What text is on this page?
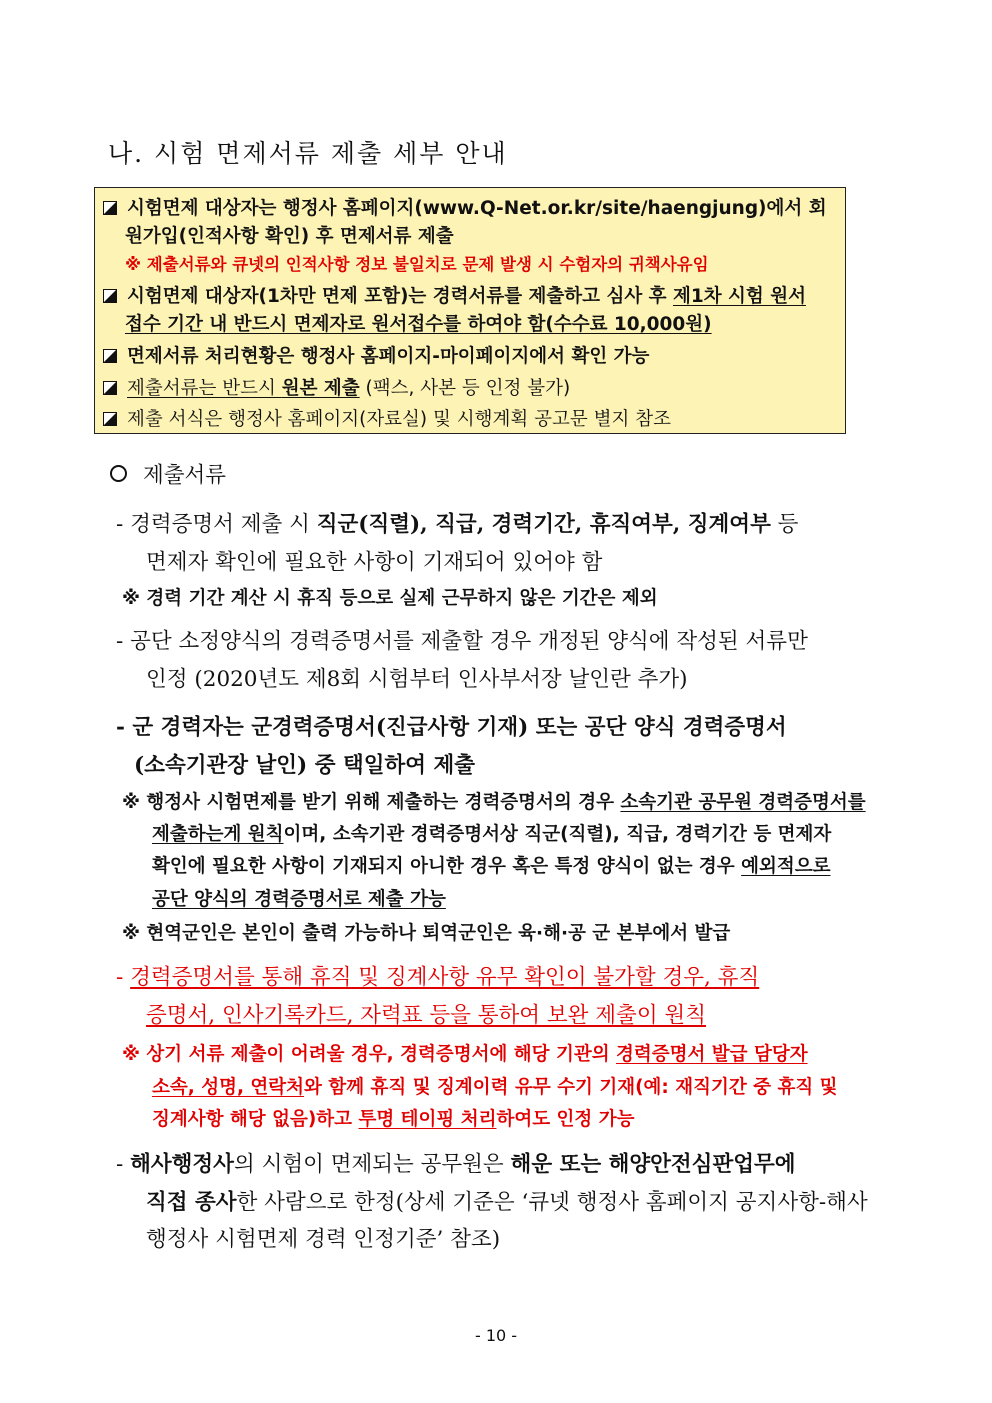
나. 시험 면제서류 제출 세부 안내
시험면제 대상자는 행정사 홈페이지(www.Q-Net.or.kr/site/haengjung)에서 회
원가입(인적사항 확인) 후 면제서류 제출
※ 제출서류와 큐넷의 인적사항 정보 불일치로 문제 발생 시 수험자의 귀책사유임
시험면제 대상자(1차만 면제 포함)는 경력서류를 제출하고 심사 후 제1차 시험 원서
접수 기간 내 반드시 면제자로 원서접수를 하여야 함(수수료 10,000원)
면제서류 처리현황은 행정사 홈페이지-마이페이지에서 확인 가능
제출서류는 반드시 원본 제출 (팩스, 사본 등 인정 불가)
제출 서식은 행정사 홈페이지(자료실) 및 시행계획 공고문 별지 참조
제출서류
- 경력증명서 제출 시 직군(직렬), 직급, 경력기간, 휴직여부, 징계여부 등
면제자 확인에 필요한 사항이 기재되어 있어야 함
※ 경력 기간 계산 시 휴직 등으로 실제 근무하지 않은 기간은 제외
- 공단 소정양식의 경력증명서를 제출할 경우 개정된 양식에 작성된 서류만
인정 (2020년도 제8회 시험부터 인사부서장 날인란 추가)
- 군 경력자는 군경력증명서(진급사항 기재) 또는 공단 양식 경력증명서
(소속기관장 날인) 중 택일하여 제출
※ 행정사 시험면제를 받기 위해 제출하는 경력증명서의 경우 소속기관 공무원 경력증명서를
제출하는게 원칙이며, 소속기관 경력증명서상 직군(직렬), 직급, 경력기간 등 면제자
확인에 필요한 사항이 기재되지 아니한 경우 혹은 특정 양식이 없는 경우 예외적으로
공단 양식의 경력증명서로 제출 가능
※ 현역군인은 본인이 출력 가능하나 퇴역군인은 육·해·공 군 본부에서 발급
- 경력증명서를 통해 휴직 및 징계사항 유무 확인이 불가할 경우, 휴직
증명서, 인사기록카드, 자력표 등을 통하여 보완 제출이 원칙
※ 상기 서류 제출이 어려울 경우, 경력증명서에 해당 기관의 경력증명서 발급 담당자
소속, 성명, 연락처와 함께 휴직 및 징계이력 유무 수기 기재(예: 재직기간 중 휴직 및
징계사항 해당 없음)하고 투명 테이핑 처리하여도 인정 가능
- 해사행정사의 시험이 면제되는 공무원은 해운 또는 해양안전심판업무에
직접 종사한 사람으로 한정(상세 기준은 ‘큐넷 행정사 홈페이지 공지사항-해사
행정사 시험면제 경력 인정기준’ 참조)
- 10 -
